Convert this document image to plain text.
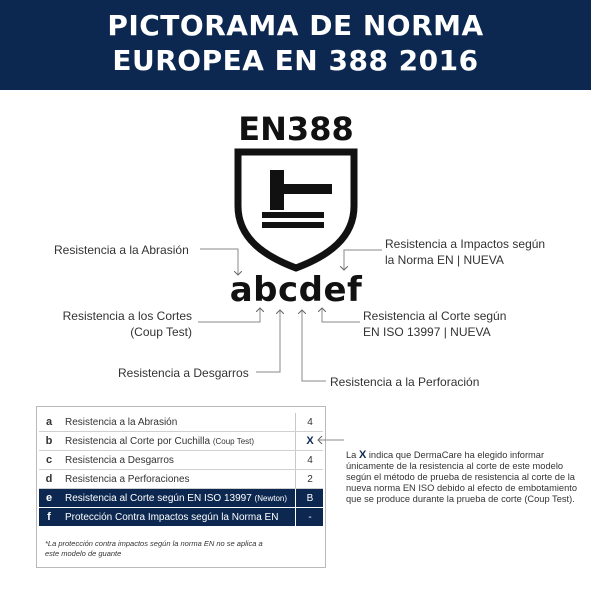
PICTORAMA DE NORMA
EUROPEA EN 388 2016
EN388
abcdef
Resistencia a la Abrasión	Resistencia a Impactos según
la Norma EN | NUEVA
Resistencia a los Cortes
(Coup Test)
Resistencia al Corte según
EN ISO 13997 | NUEVA
Resistencia a Desgarros
Resistencia a la Perforación
a	Resistencia a la Abrasión	4
b	Resistencia al Corte por Cuchilla (Coup Test)	X
c	Resistencia a Desgarros	4
d	Resistencia a Perforaciones	2
e	Resistencia al Corte según EN ISO 13997 (Newton)	B
f	Protección Contra Impactos según la Norma EN	-
*La protección contra impactos según la norma EN no se aplica a
este modelo de guante
La X indica que DermaCare ha elegido informar únicamente de la resistencia al corte de este modelo según el método de prueba de resistencia al corte de la nueva norma EN ISO debido al efecto de embotamiento que se produce durante la prueba de corte (Coup Test).
